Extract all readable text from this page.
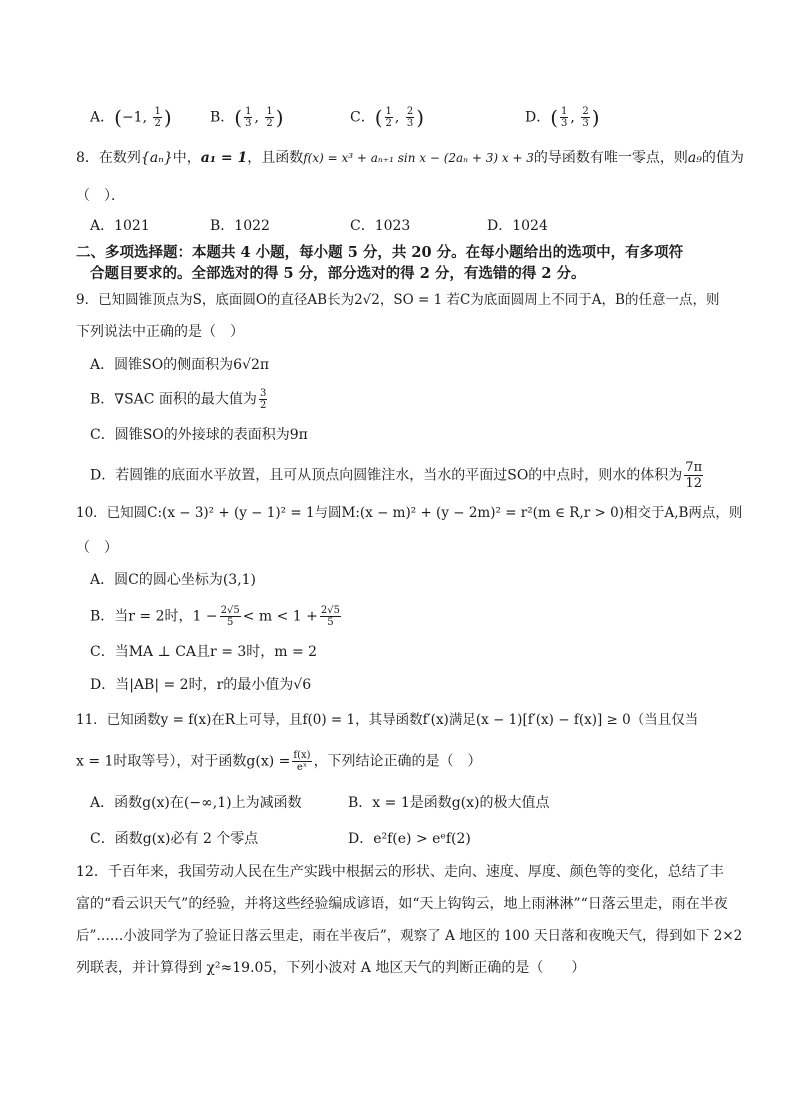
A．(−1, $\frac{1}{2}$ )	B．( $\frac{1}{3}$ , $\frac{1}{2}$ )	C．( $\frac{1}{2}$ , $\frac{2}{3}$ )	D．( $\frac{1}{3}$ , $\frac{2}{3}$ )
8．在数列{aₙ}中，a₁ = 1，且函数f(x) = x³ + aₙ₊₁ sin x − (2aₙ + 3) x + 3的导函数有唯一零点，则a₉的值为
（　）．
A．1021	B．1022	C．1023	D．1024
二、多项选择题：本题共 4 小题，每小题 5 分，共 20 分。在每小题给出的选项中，有多项符
合题目要求的。全部选对的得 5 分，部分选对的得 2 分，有选错的得 2 分。
9．已知圆锥顶点为S，底面圆O的直径AB长为2√2，SO = 1 若C为底面圆周上不同于A，B的任意一点，则
下列说法中正确的是（　）
A．圆锥SO的侧面积为6√2π
B．∇SAC 面积的最大值为 $\frac{3}{2}$
C．圆锥SO的外接球的表面积为9π
D．若圆锥的底面水平放置，且可从顶点向圆锥注水，当水的平面过SO的中点时，则水的体积为 $\frac{7\pi}{12}$
10．已知圆C:(x − 3)² + (y − 1)² = 1与圆M:(x − m)² + (y − 2m)² = r²(m ∈ R,r > 0)相交于A,B两点，则
（　）
A．圆C的圆心坐标为(3,1)
B．当r = 2时，$1 - \frac{2√5}{5} < m < 1 + \frac{2√5}{5}$
C．当MA ⊥ CA且r = 3时，m = 2
D．当|AB| = 2时，r的最小值为√6
11．已知函数y = f(x)在R上可导，且f(0) = 1，其导函数f′(x)满足(x − 1)[f′(x) − f(x)] ≥ 0（当且仅当
x = 1时取等号），对于函数$g(x) = \frac{f(x)}{\text{eˣ}}$ ，下列结论正确的是（　）
A．函数g(x)在(−∞,1)上为减函数	B．x = 1是函数g(x)的极大值点
C．函数g(x)必有 2 个零点	D．e²f(e) > eᵉf(2)
12．千百年来，我国劳动人民在生产实践中根据云的形状、走向、速度、厚度、颜色等的变化，总结了丰
富的“看云识天气”的经验，并将这些经验编成谚语，如“天上钩钩云，地上雨淋淋”“日落云里走，雨在半夜
后”……小波同学为了验证日落云里走，雨在半夜后”，观察了 A 地区的 100 天日落和夜晚天气，得到如下 2×2
列联表，并计算得到 χ²≈19.05，下列小波对 A 地区天气的判断正确的是（　　）
